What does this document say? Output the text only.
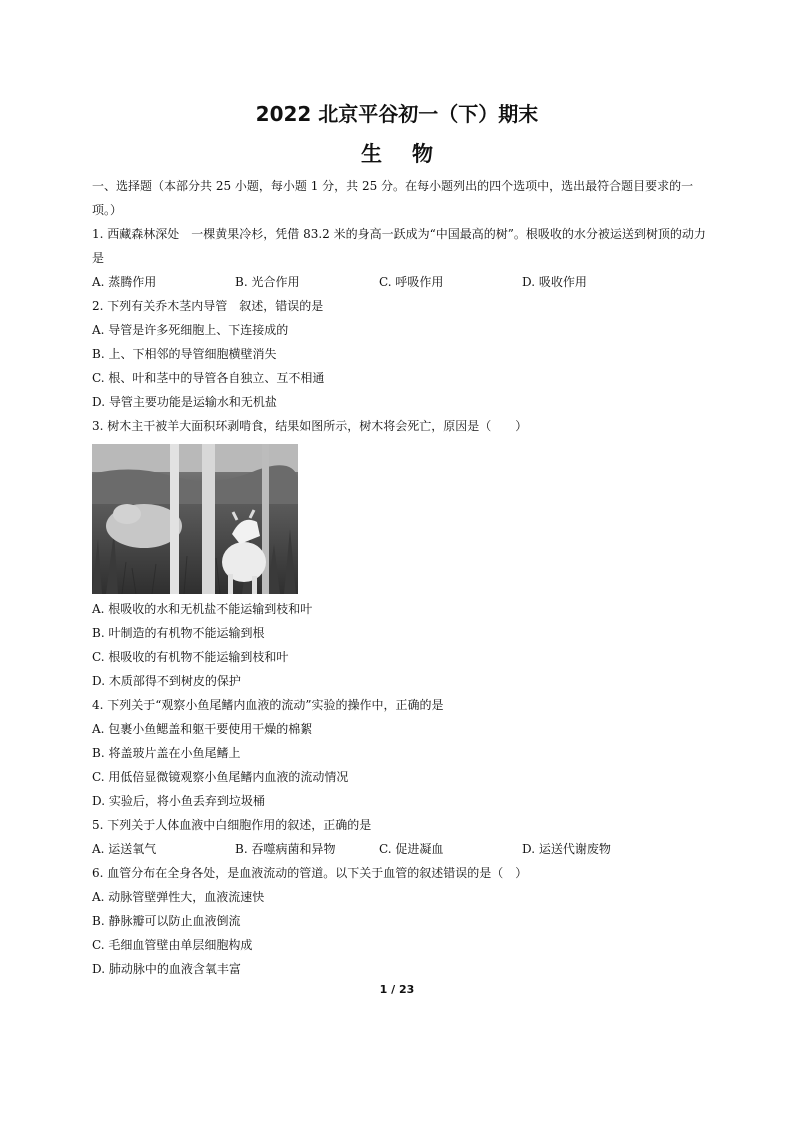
2022 北京平谷初一（下）期末
生物
一、选择题（本部分共 25 小题，每小题 1 分，共 25 分。在每小题列出的四个选项中，选出最符合题目要求的一
项。）
1. 西藏森林深处　一棵黄果冷杉，凭借 83.2 米的身高一跃成为“中国最高的树”。根吸收的水分被运送到树顶的动力
是
A. 蒸腾作用	B. 光合作用	C. 呼吸作用	D. 吸收作用
2. 下列有关乔木茎内导管　叙述，错误的是
A. 导管是许多死细胞上、下连接成的
B. 上、下相邻的导管细胞横壁消失
C. 根、叶和茎中的导管各自独立、互不相通
D. 导管主要功能是运输水和无机盐
3. 树木主干被羊大面积环剥啃食，结果如图所示，树木将会死亡，原因是（　　）
A. 根吸收的水和无机盐不能运输到枝和叶
B. 叶制造的有机物不能运输到根
C. 根吸收的有机物不能运输到枝和叶
D. 木质部得不到树皮的保护
4. 下列关于“观察小鱼尾鳍内血液的流动”实验的操作中，正确的是
A. 包裹小鱼鳃盖和躯干要使用干燥的棉絮
B. 将盖玻片盖在小鱼尾鳍上
C. 用低倍显微镜观察小鱼尾鳍内血液的流动情况
D. 实验后，将小鱼丢弃到垃圾桶
5. 下列关于人体血液中白细胞作用的叙述，正确的是
A. 运送氧气	B. 吞噬病菌和异物	C. 促进凝血	D. 运送代谢废物
6. 血管分布在全身各处，是血液流动的管道。以下关于血管的叙述错误的是（　）
A. 动脉管壁弹性大，血液流速快
B. 静脉瓣可以防止血液倒流
C. 毛细血管壁由单层细胞构成
D. 肺动脉中的血液含氧丰富
1 / 23
